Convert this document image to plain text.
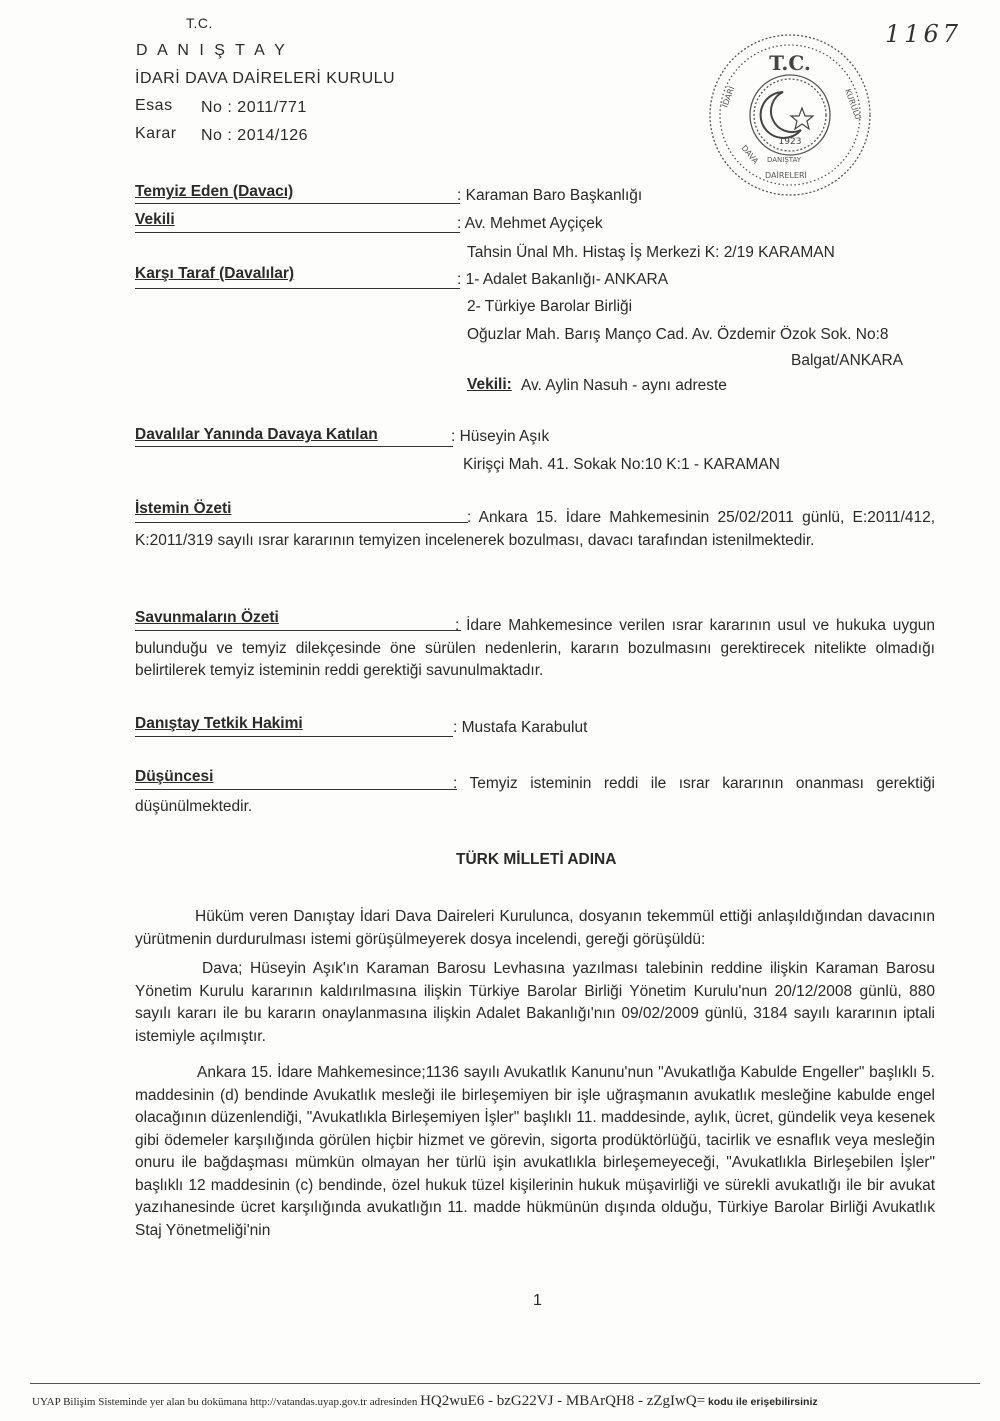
T.C.
D A N I Ş T A Y
İDARİ DAVA DAİRELERİ KURULU
Esas No : 2011/771
Karar No : 2014/126
1167
T.C.
1923
İDARİ
DAVA
DAİRELERİ
KURULU
DANIŞTAY
Temyiz Eden (Davacı)	: Karaman Baro Başkanlığı
Vekili	: Av. Mehmet Ayçiçek
Tahsin Ünal Mh. Histaş İş Merkezi K: 2/19 KARAMAN
Karşı Taraf (Davalılar)	: 1- Adalet Bakanlığı- ANKARA
2- Türkiye Barolar Birliği
Oğuzlar Mah. Barış Manço Cad. Av. Özdemir Özok Sok. No:8
Balgat/ANKARA
Vekili: Av. Aylin Nasuh - aynı adreste
Davalılar Yanında Davaya Katılan	: Hüseyin Aşık
Kirişçi Mah. 41. Sokak No:10 K:1 - KARAMAN
İstemin Özeti
: Ankara 15. İdare Mahkemesinin 25/02/2011 günlü, E:2011/412, K:2011/319 sayılı ısrar kararının temyizen incelenerek bozulması, davacı tarafından istenilmektedir.
Savunmaların Özeti	: İdare Mahkemesince verilen ısrar kararının usul ve hukuka uygun bulunduğu ve temyiz dilekçesinde öne sürülen nedenlerin, kararın bozulmasını gerektirecek nitelikte olmadığı belirtilerek temyiz isteminin reddi gerektiği savunulmaktadır.
Danıştay Tetkik Hakimi	: Mustafa Karabulut
Düşüncesi	: Temyiz isteminin reddi ile ısrar kararının onanması gerektiği düşünülmektedir.
TÜRK MİLLETİ ADINA
Hüküm veren Danıştay İdari Dava Daireleri Kurulunca, dosyanın tekemmül ettiği anlaşıldığından davacının yürütmenin durdurulması istemi görüşülmeyerek dosya incelendi, gereği görüşüldü:
Dava; Hüseyin Aşık'ın Karaman Barosu Levhasına yazılması talebinin reddine ilişkin Karaman Barosu Yönetim Kurulu kararının kaldırılmasına ilişkin Türkiye Barolar Birliği Yönetim Kurulu'nun 20/12/2008 günlü, 880 sayılı kararı ile bu kararın onaylanmasına ilişkin Adalet Bakanlığı'nın 09/02/2009 günlü, 3184 sayılı kararının iptali istemiyle açılmıştır.
Ankara 15. İdare Mahkemesince;1136 sayılı Avukatlık Kanunu'nun "Avukatlığa Kabulde Engeller" başlıklı 5. maddesinin (d) bendinde Avukatlık mesleği ile birleşemiyen bir işle uğraşmanın avukatlık mesleğine kabulde engel olacağının düzenlendiği, "Avukatlıkla Birleşemiyen İşler" başlıklı 11. maddesinde, aylık, ücret, gündelik veya kesenek gibi ödemeler karşılığında görülen hiçbir hizmet ve görevin, sigorta prodüktörlüğü, tacirlik ve esnaflık veya mesleğin onuru ile bağdaşması mümkün olmayan her türlü işin avukatlıkla birleşemeyeceği, "Avukatlıkla Birleşebilen İşler" başlıklı 12 maddesinin (c) bendinde, özel hukuk tüzel kişilerinin hukuk müşavirliği ve sürekli avukatlığı ile bir avukat yazıhanesinde ücret karşılığında avukatlığın 11. madde hükmünün dışında olduğu, Türkiye Barolar Birliği Avukatlık Staj Yönetmeliği'nin
1
UYAP Bilişim Sisteminde yer alan bu dokümana http://vatandas.uyap.gov.tr adresinden HQ2wuE6 - bzG22VJ - MBArQH8 - zZgIwQ= kodu ile erişebilirsiniz
